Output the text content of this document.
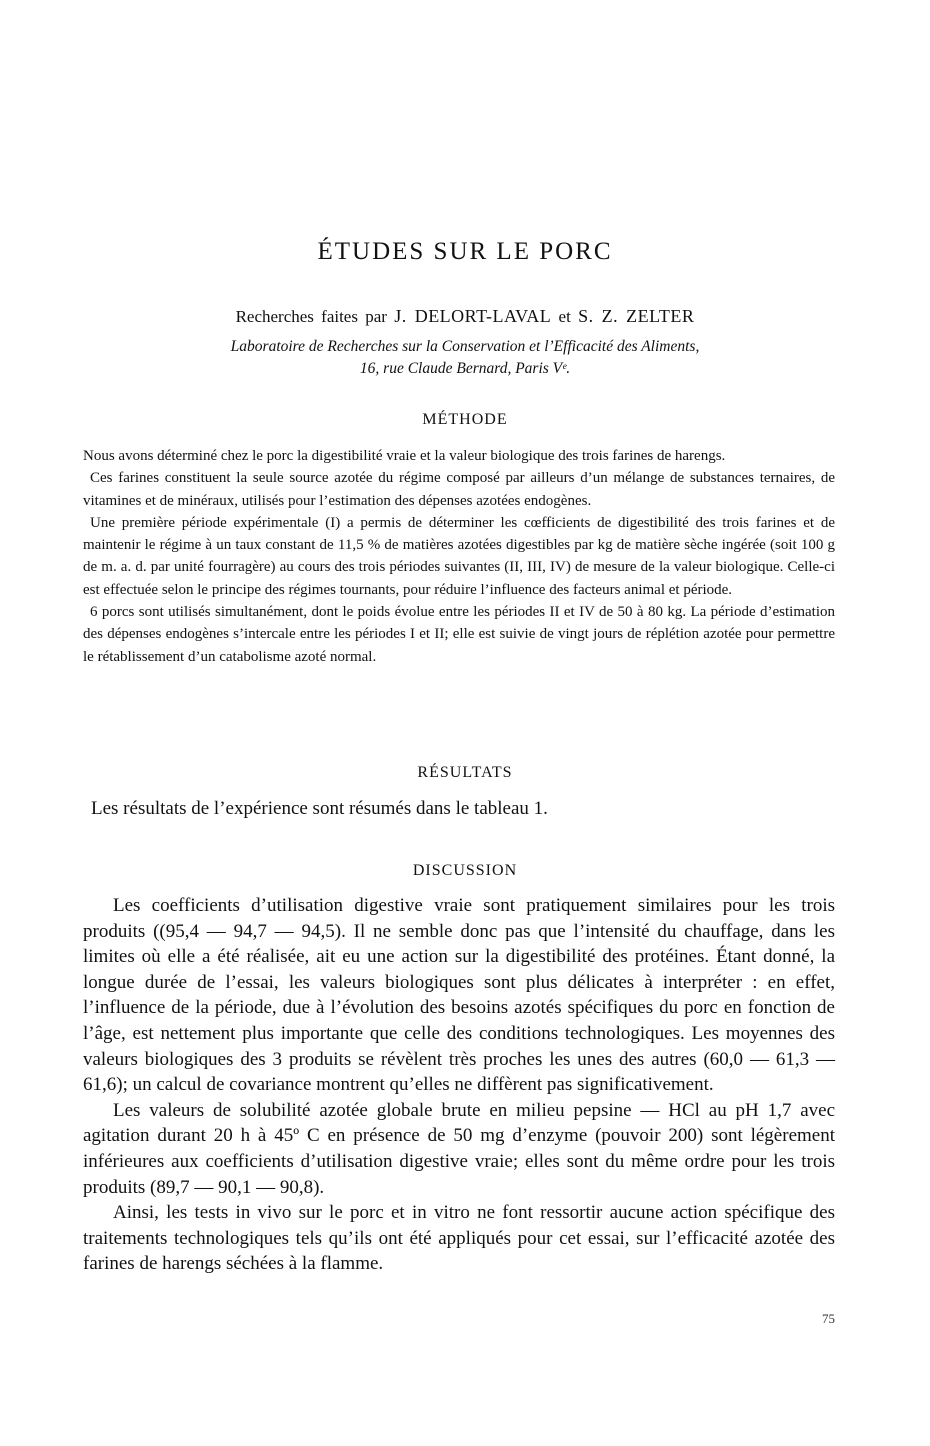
ÉTUDES SUR LE PORC
Recherches faites par J. DELORT-LAVAL et S. Z. ZELTER
Laboratoire de Recherches sur la Conservation et l’Efficacité des Aliments,
16, rue Claude Bernard, Paris Vᵉ.
MÉTHODE

Nous avons déterminé chez le porc la digestibilité vraie et la valeur biologique des trois farines de harengs.

Ces farines constituent la seule source azotée du régime composé par ailleurs d’un mélange de substances ternaires, de vitamines et de minéraux, utilisés pour l’estimation des dépenses azotées endogènes.

Une première période expérimentale (I) a permis de déterminer les cœfficients de digestibilité des trois farines et de maintenir le régime à un taux constant de 11,5 % de matières azotées digestibles par kg de matière sèche ingérée (soit 100 g de m. a. d. par unité fourragère) au cours des trois périodes suivantes (II, III, IV) de mesure de la valeur biologique. Celle-ci est effectuée selon le principe des régimes tournants, pour réduire l’influence des facteurs animal et période.

6 porcs sont utilisés simultanément, dont le poids évolue entre les périodes II et IV de 50 à 80 kg. La période d’estimation des dépenses endogènes s’intercale entre les périodes I et II; elle est suivie de vingt jours de réplétion azotée pour permettre le rétablissement d’un catabolisme azoté normal.

RÉSULTATS

Les résultats de l’expérience sont résumés dans le tableau 1.

DISCUSSION

Les coefficients d’utilisation digestive vraie sont pratiquement similaires pour les trois produits ((95,4 — 94,7 — 94,5). Il ne semble donc pas que l’intensité du chauffage, dans les limites où elle a été réalisée, ait eu une action sur la digestibilité des protéines. Étant donné, la longue durée de l’essai, les valeurs biologiques sont plus délicates à interpréter : en effet, l’influence de la période, due à l’évolution des besoins azotés spécifiques du porc en fonction de l’âge, est nettement plus importante que celle des conditions technologiques. Les moyennes des valeurs biologiques des 3 produits se révèlent très proches les unes des autres (60,0 — 61,3 — 61,6); un calcul de covariance montrent qu’elles ne diffèrent pas significativement.

Les valeurs de solubilité azotée globale brute en milieu pepsine — HCl au pH 1,7 avec agitation durant 20 h à 45º C en présence de 50 mg d’enzyme (pouvoir 200) sont légèrement inférieures aux coefficients d’utilisation digestive vraie; elles sont du même ordre pour les trois produits (89,7 — 90,1 — 90,8).

Ainsi, les tests in vivo sur le porc et in vitro ne font ressortir aucune action spécifique des traitements technologiques tels qu’ils ont été appliqués pour cet essai, sur l’efficacité azotée des farines de harengs séchées à la flamme.

75
